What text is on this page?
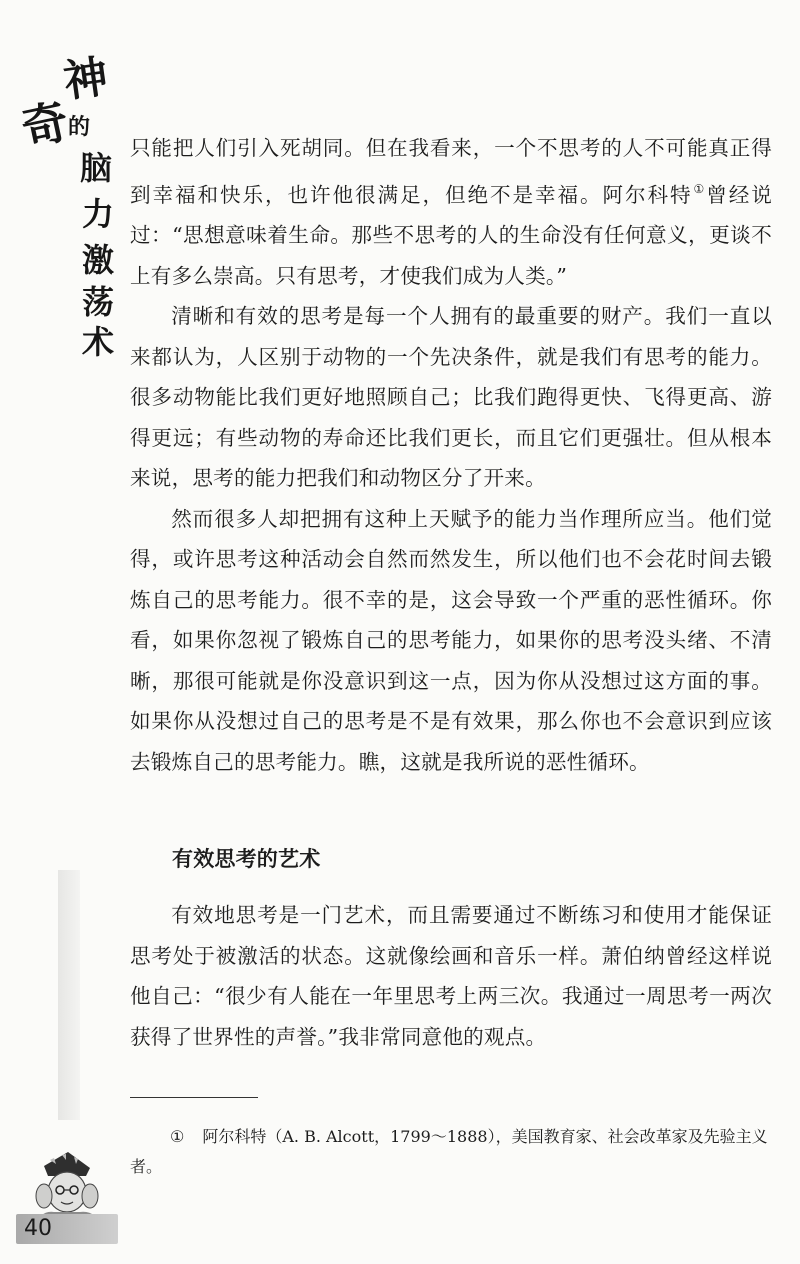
神
奇
的
脑
力
激
荡
术

只能把人们引入死胡同。但在我看来，一个不思考的人不可能真正得到幸福和快乐，也许他很满足，但绝不是幸福。阿尔科特①曾经说过：“思想意味着生命。那些不思考的人的生命没有任何意义，更谈不上有多么崇高。只有思考，才使我们成为人类。”

清晰和有效的思考是每一个人拥有的最重要的财产。我们一直以来都认为，人区别于动物的一个先决条件，就是我们有思考的能力。很多动物能比我们更好地照顾自己；比我们跑得更快、飞得更高、游得更远；有些动物的寿命还比我们更长，而且它们更强壮。但从根本来说，思考的能力把我们和动物区分了开来。

然而很多人却把拥有这种上天赋予的能力当作理所应当。他们觉得，或许思考这种活动会自然而然发生，所以他们也不会花时间去锻炼自己的思考能力。很不幸的是，这会导致一个严重的恶性循环。你看，如果你忽视了锻炼自己的思考能力，如果你的思考没头绪、不清晰，那很可能就是你没意识到这一点，因为你从没想过这方面的事。如果你从没想过自己的思考是不是有效果，那么你也不会意识到应该去锻炼自己的思考能力。瞧，这就是我所说的恶性循环。

有效思考的艺术

有效地思考是一门艺术，而且需要通过不断练习和使用才能保证思考处于被激活的状态。这就像绘画和音乐一样。萧伯纳曾经这样说他自己：“很少有人能在一年里思考上两三次。我通过一周思考一两次获得了世界性的声誉。”我非常同意他的观点。

① 阿尔科特（A. B. Alcott，1799～1888），美国教育家、社会改革家及先验主义者。
40
